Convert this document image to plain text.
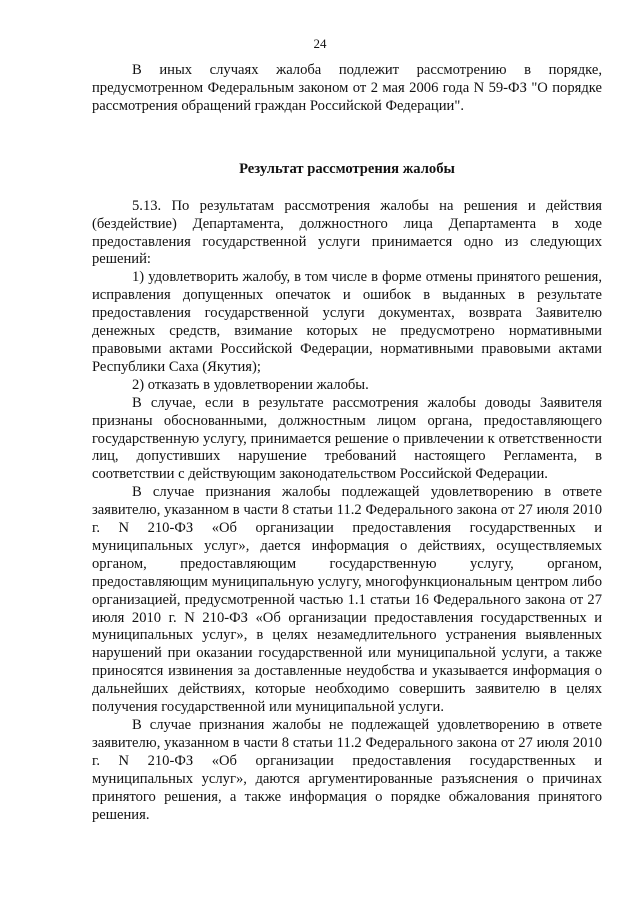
24

В иных случаях жалоба подлежит рассмотрению в порядке, предусмотренном Федеральным законом от 2 мая 2006 года N 59-ФЗ "О порядке рассмотрения обращений граждан Российской Федерации".

Результат рассмотрения жалобы

5.13. По результатам рассмотрения жалобы на решения и действия (бездействие) Департамента, должностного лица Департамента в ходе предоставления государственной услуги принимается одно из следующих решений:

1) удовлетворить жалобу, в том числе в форме отмены принятого решения, исправления допущенных опечаток и ошибок в выданных в результате предоставления государственной услуги документах, возврата Заявителю денежных средств, взимание которых не предусмотрено нормативными правовыми актами Российской Федерации, нормативными правовыми актами Республики Саха (Якутия);

2) отказать в удовлетворении жалобы.

В случае, если в результате рассмотрения жалобы доводы Заявителя признаны обоснованными, должностным лицом органа, предоставляющего государственную услугу, принимается решение о привлечении к ответственности лиц, допустивших нарушение требований настоящего Регламента, в соответствии с действующим законодательством Российской Федерации.

В случае признания жалобы подлежащей удовлетворению в ответе заявителю, указанном в части 8 статьи 11.2 Федерального закона от 27 июля 2010 г. N 210-ФЗ «Об организации предоставления государственных и муниципальных услуг», дается информация о действиях, осуществляемых органом, предоставляющим государственную услугу, органом, предоставляющим муниципальную услугу, многофункциональным центром либо организацией, предусмотренной частью 1.1 статьи 16 Федерального закона от 27 июля 2010 г. N 210-ФЗ «Об организации предоставления государственных и муниципальных услуг», в целях незамедлительного устранения выявленных нарушений при оказании государственной или муниципальной услуги, а также приносятся извинения за доставленные неудобства и указывается информация о дальнейших действиях, которые необходимо совершить заявителю в целях получения государственной или муниципальной услуги.

В случае признания жалобы не подлежащей удовлетворению в ответе заявителю, указанном в части 8 статьи 11.2 Федерального закона от 27 июля 2010 г. N 210-ФЗ «Об организации предоставления государственных и муниципальных услуг», даются аргументированные разъяснения о причинах принятого решения, а также информация о порядке обжалования принятого решения.
